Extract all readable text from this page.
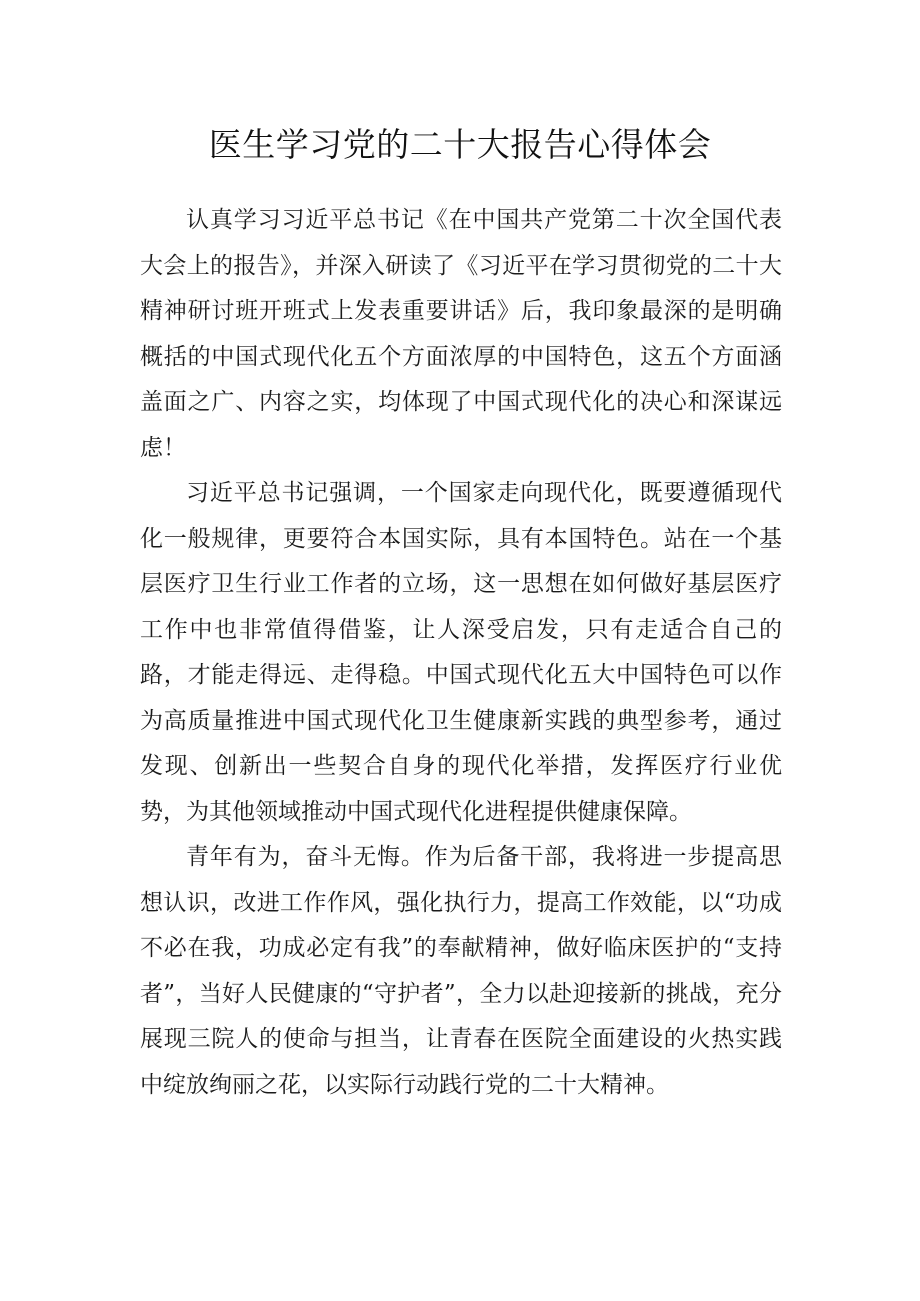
医生学习党的二十大报告心得体会

认真学习习近平总书记《在中国共产党第二十次全国代表大会上的报告》，并深入研读了《习近平在学习贯彻党的二十大精神研讨班开班式上发表重要讲话》后，我印象最深的是明确概括的中国式现代化五个方面浓厚的中国特色，这五个方面涵盖面之广、内容之实，均体现了中国式现代化的决心和深谋远虑！

习近平总书记强调，一个国家走向现代化，既要遵循现代化一般规律，更要符合本国实际，具有本国特色。站在一个基层医疗卫生行业工作者的立场，这一思想在如何做好基层医疗工作中也非常值得借鉴，让人深受启发，只有走适合自己的路，才能走得远、走得稳。中国式现代化五大中国特色可以作为高质量推进中国式现代化卫生健康新实践的典型参考，通过发现、创新出一些契合自身的现代化举措，发挥医疗行业优势，为其他领域推动中国式现代化进程提供健康保障。

青年有为，奋斗无悔。作为后备干部，我将进一步提高思想认识，改进工作作风，强化执行力，提高工作效能，以“功成不必在我，功成必定有我”的奉献精神，做好临床医护的“支持者”，当好人民健康的“守护者”，全力以赴迎接新的挑战，充分展现三院人的使命与担当，让青春在医院全面建设的火热实践中绽放绚丽之花，以实际行动践行党的二十大精神。
